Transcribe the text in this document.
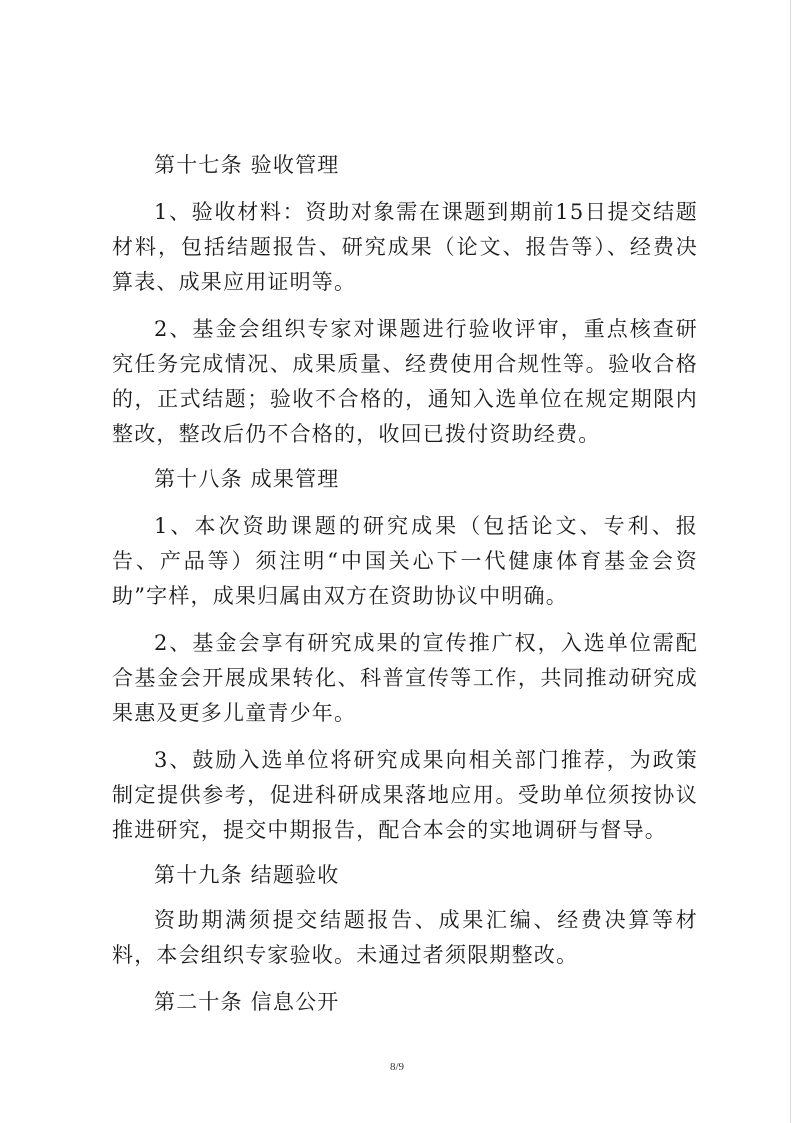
第十七条 验收管理

1、验收材料：资助对象需在课题到期前15日提交结题材料，包括结题报告、研究成果（论文、报告等）、经费决算表、成果应用证明等。

2、基金会组织专家对课题进行验收评审，重点核查研究任务完成情况、成果质量、经费使用合规性等。验收合格的，正式结题；验收不合格的，通知入选单位在规定期限内整改，整改后仍不合格的，收回已拨付资助经费。

第十八条 成果管理

1、本次资助课题的研究成果（包括论文、专利、报告、产品等）须注明“中国关心下一代健康体育基金会资助”字样，成果归属由双方在资助协议中明确。

2、基金会享有研究成果的宣传推广权，入选单位需配合基金会开展成果转化、科普宣传等工作，共同推动研究成果惠及更多儿童青少年。

3、鼓励入选单位将研究成果向相关部门推荐，为政策制定提供参考，促进科研成果落地应用。受助单位须按协议推进研究，提交中期报告，配合本会的实地调研与督导。

第十九条 结题验收

资助期满须提交结题报告、成果汇编、经费决算等材料，本会组织专家验收。未通过者须限期整改。

第二十条 信息公开

8/9
